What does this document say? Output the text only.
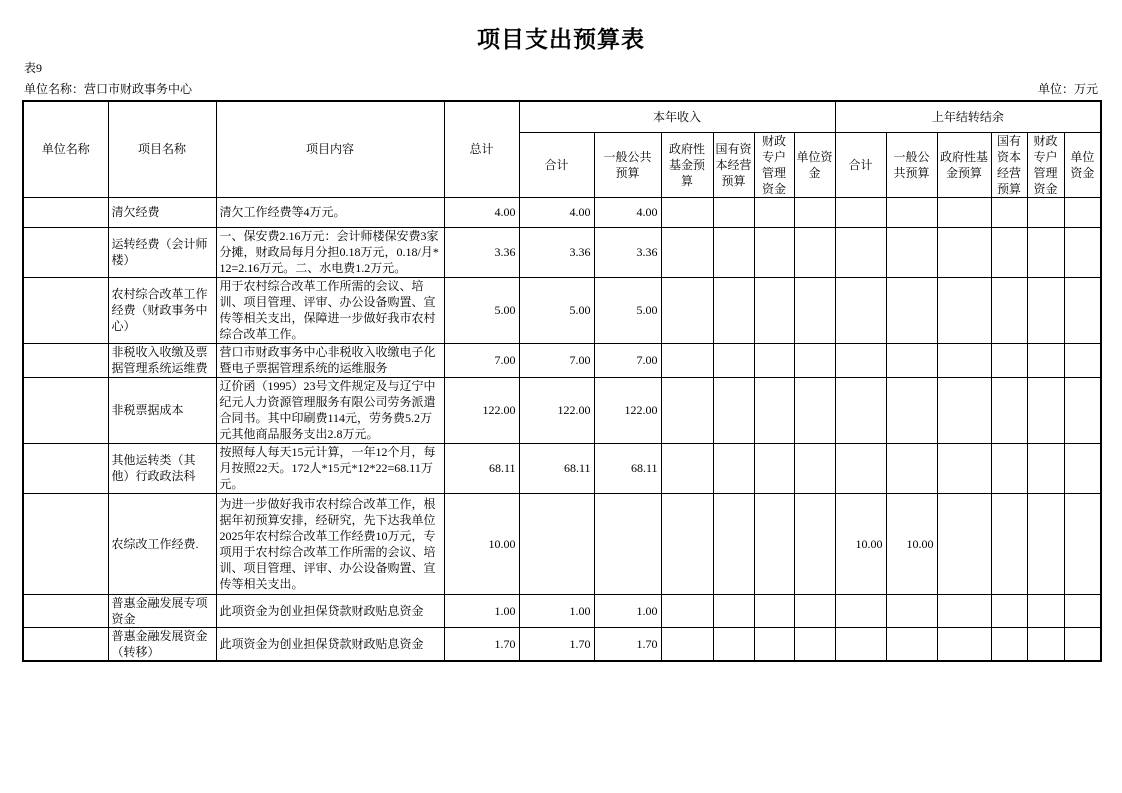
项目支出预算表
表9
单位名称：营口市财政事务中心	单位：万元
单位名称	项目名称	项目内容	总计	本年收入						上年结转结余					
				合计	一般公共预算	政府性基金预算	国有资本经营预算	财政专户管理资金	单位资金	合计	一般公共预算	政府性基金预算	国有资本经营预算	财政专户管理资金	单位资金
	清欠经费	清欠工作经费等4万元。	4.00	4.00	4.00										
	运转经费（会计师楼）	一、保安费2.16万元：会计师楼保安费3家分摊，财政局每月分担0.18万元，0.18/月*12=2.16万元。二、水电费1.2万元。	3.36	3.36	3.36										
	农村综合改革工作经费（财政事务中心）	用于农村综合改革工作所需的会议、培训、项目管理、评审、办公设备购置、宣传等相关支出，保障进一步做好我市农村综合改革工作。	5.00	5.00	5.00										
	非税收入收缴及票据管理系统运维费	营口市财政事务中心非税收入收缴电子化暨电子票据管理系统的运维服务	7.00	7.00	7.00										
	非税票据成本	辽价函（1995）23号文件规定及与辽宁中纪元人力资源管理服务有限公司劳务派遣合同书。其中印刷费114元，劳务费5.2万元其他商品服务支出2.8万元。	122.00	122.00	122.00										
	其他运转类（其他）行政政法科	按照每人每天15元计算，一年12个月，每月按照22天。172人*15元*12*22=68.11万元。	68.11	68.11	68.11										
	农综改工作经费.	为进一步做好我市农村综合改革工作，根据年初预算安排，经研究，先下达我单位2025年农村综合改革工作经费10万元，专项用于农村综合改革工作所需的会议、培训、项目管理、评审、办公设备购置、宣传等相关支出。	10.00							10.00	10.00				
	普惠金融发展专项资金	此项资金为创业担保贷款财政贴息资金	1.00	1.00	1.00										
	普惠金融发展资金（转移）	此项资金为创业担保贷款财政贴息资金	1.70	1.70	1.70										
